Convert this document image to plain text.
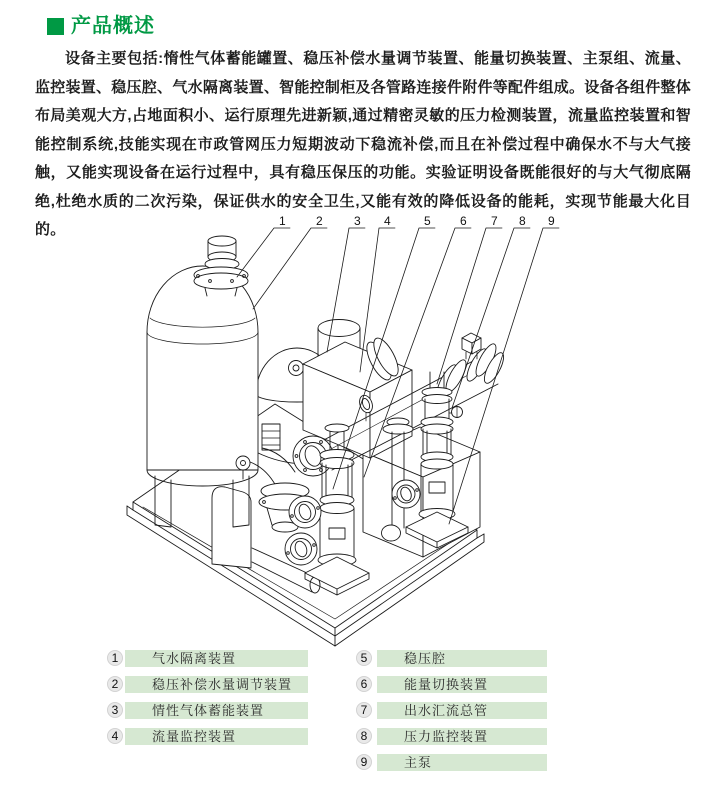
产品概述
设备主要包括:惰性气体蓄能罐置、稳压补偿水量调节装置、能量切换装置、主泵组、流量、监控装置、稳压腔、气水隔离装置、智能控制柜及各管路连接件附件等配件组成。设备各组件整体布局美观大方,占地面积小、运行原理先进新颖,通过精密灵敏的压力检测装置，流量监控装置和智能控制系统,技能实现在市政管网压力短期波动下稳流补偿,而且在补偿过程中确保水不与大气接触，又能实现设备在运行过程中，具有稳压保压的功能。实验证明设备既能很好的与大气彻底隔绝,杜绝水质的二次污染，保证供水的安全卫生,又能有效的降低设备的能耗，实现节能最大化目的。	1	2	3 4	5 6 7 8 9
1	气水隔离装置
2	稳压补偿水量调节装置
3	情性气体蓄能装置
4	流量监控装置
5	稳压腔
6	能量切换装置
7	出水汇流总管
8	压力监控装置
9	主泵
